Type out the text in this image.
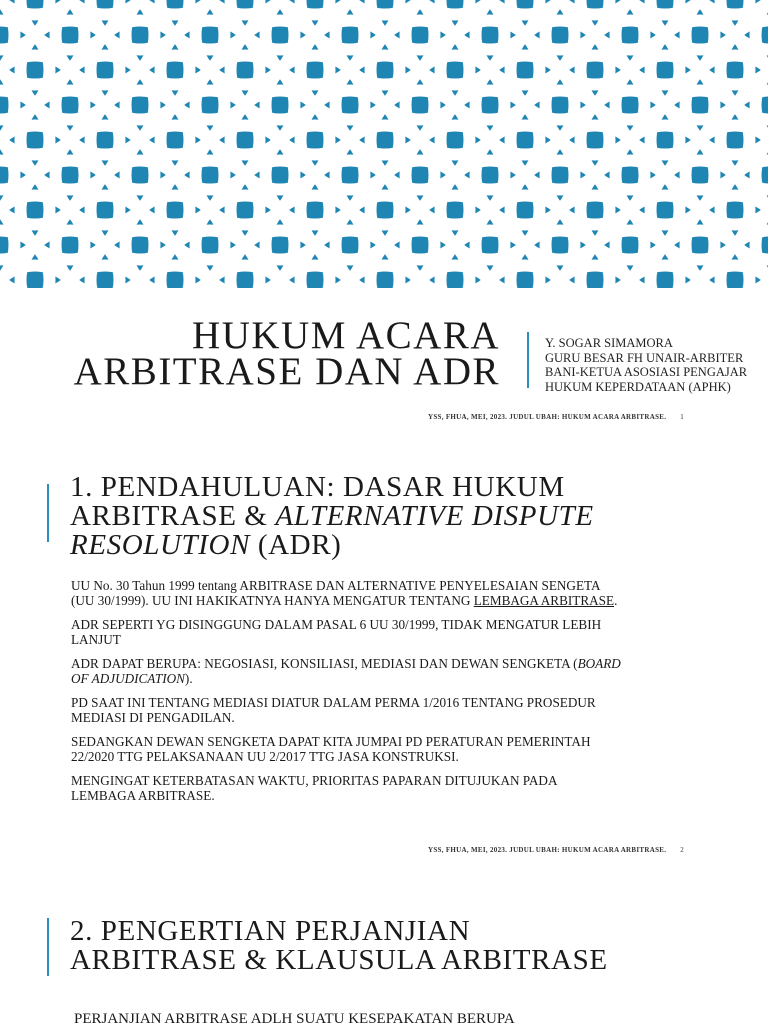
HUKUM ACARA
ARBITRASE DAN ADR
Y. SOGAR SIMAMORA
GURU BESAR FH UNAIR-ARBITER
BANI-KETUA ASOSIASI PENGAJAR
HUKUM KEPERDATAAN (APHK)
YSS, FHUA, MEI, 2023. JUDUL UBAH: HUKUM ACARA ARBITRASE. 1
1. PENDAHULUAN: DASAR HUKUM
ARBITRASE & ALTERNATIVE DISPUTE
RESOLUTION (ADR)

UU No. 30 Tahun 1999 tentang ARBITRASE DAN ALTERNATIVE PENYELESAIAN SENGETA
(UU 30/1999). UU INI HAKIKATNYA HANYA MENGATUR TENTANG LEMBAGA ARBITRASE.

ADR SEPERTI YG DISINGGUNG DALAM PASAL 6 UU 30/1999, TIDAK MENGATUR LEBIH
LANJUT

ADR DAPAT BERUPA: NEGOSIASI, KONSILIASI, MEDIASI DAN DEWAN SENGKETA (BOARD
OF ADJUDICATION).

PD SAAT INI TENTANG MEDIASI DIATUR DALAM PERMA 1/2016 TENTANG PROSEDUR
MEDIASI DI PENGADILAN.

SEDANGKAN DEWAN SENGKETA DAPAT KITA JUMPAI PD PERATURAN PEMERINTAH
22/2020 TTG PELAKSANAAN UU 2/2017 TTG JASA KONSTRUKSI.

MENGINGAT KETERBATASAN WAKTU, PRIORITAS PAPARAN DITUJUKAN PADA
LEMBAGA ARBITRASE.

YSS, FHUA, MEI, 2023. JUDUL UBAH: HUKUM ACARA ARBITRASE. 2
2. PENGERTIAN PERJANJIAN
ARBITRASE & KLAUSULA ARBITRASE
PERJANJIAN ARBITRASE ADLH SUATU KESEPAKATAN BERUPA
